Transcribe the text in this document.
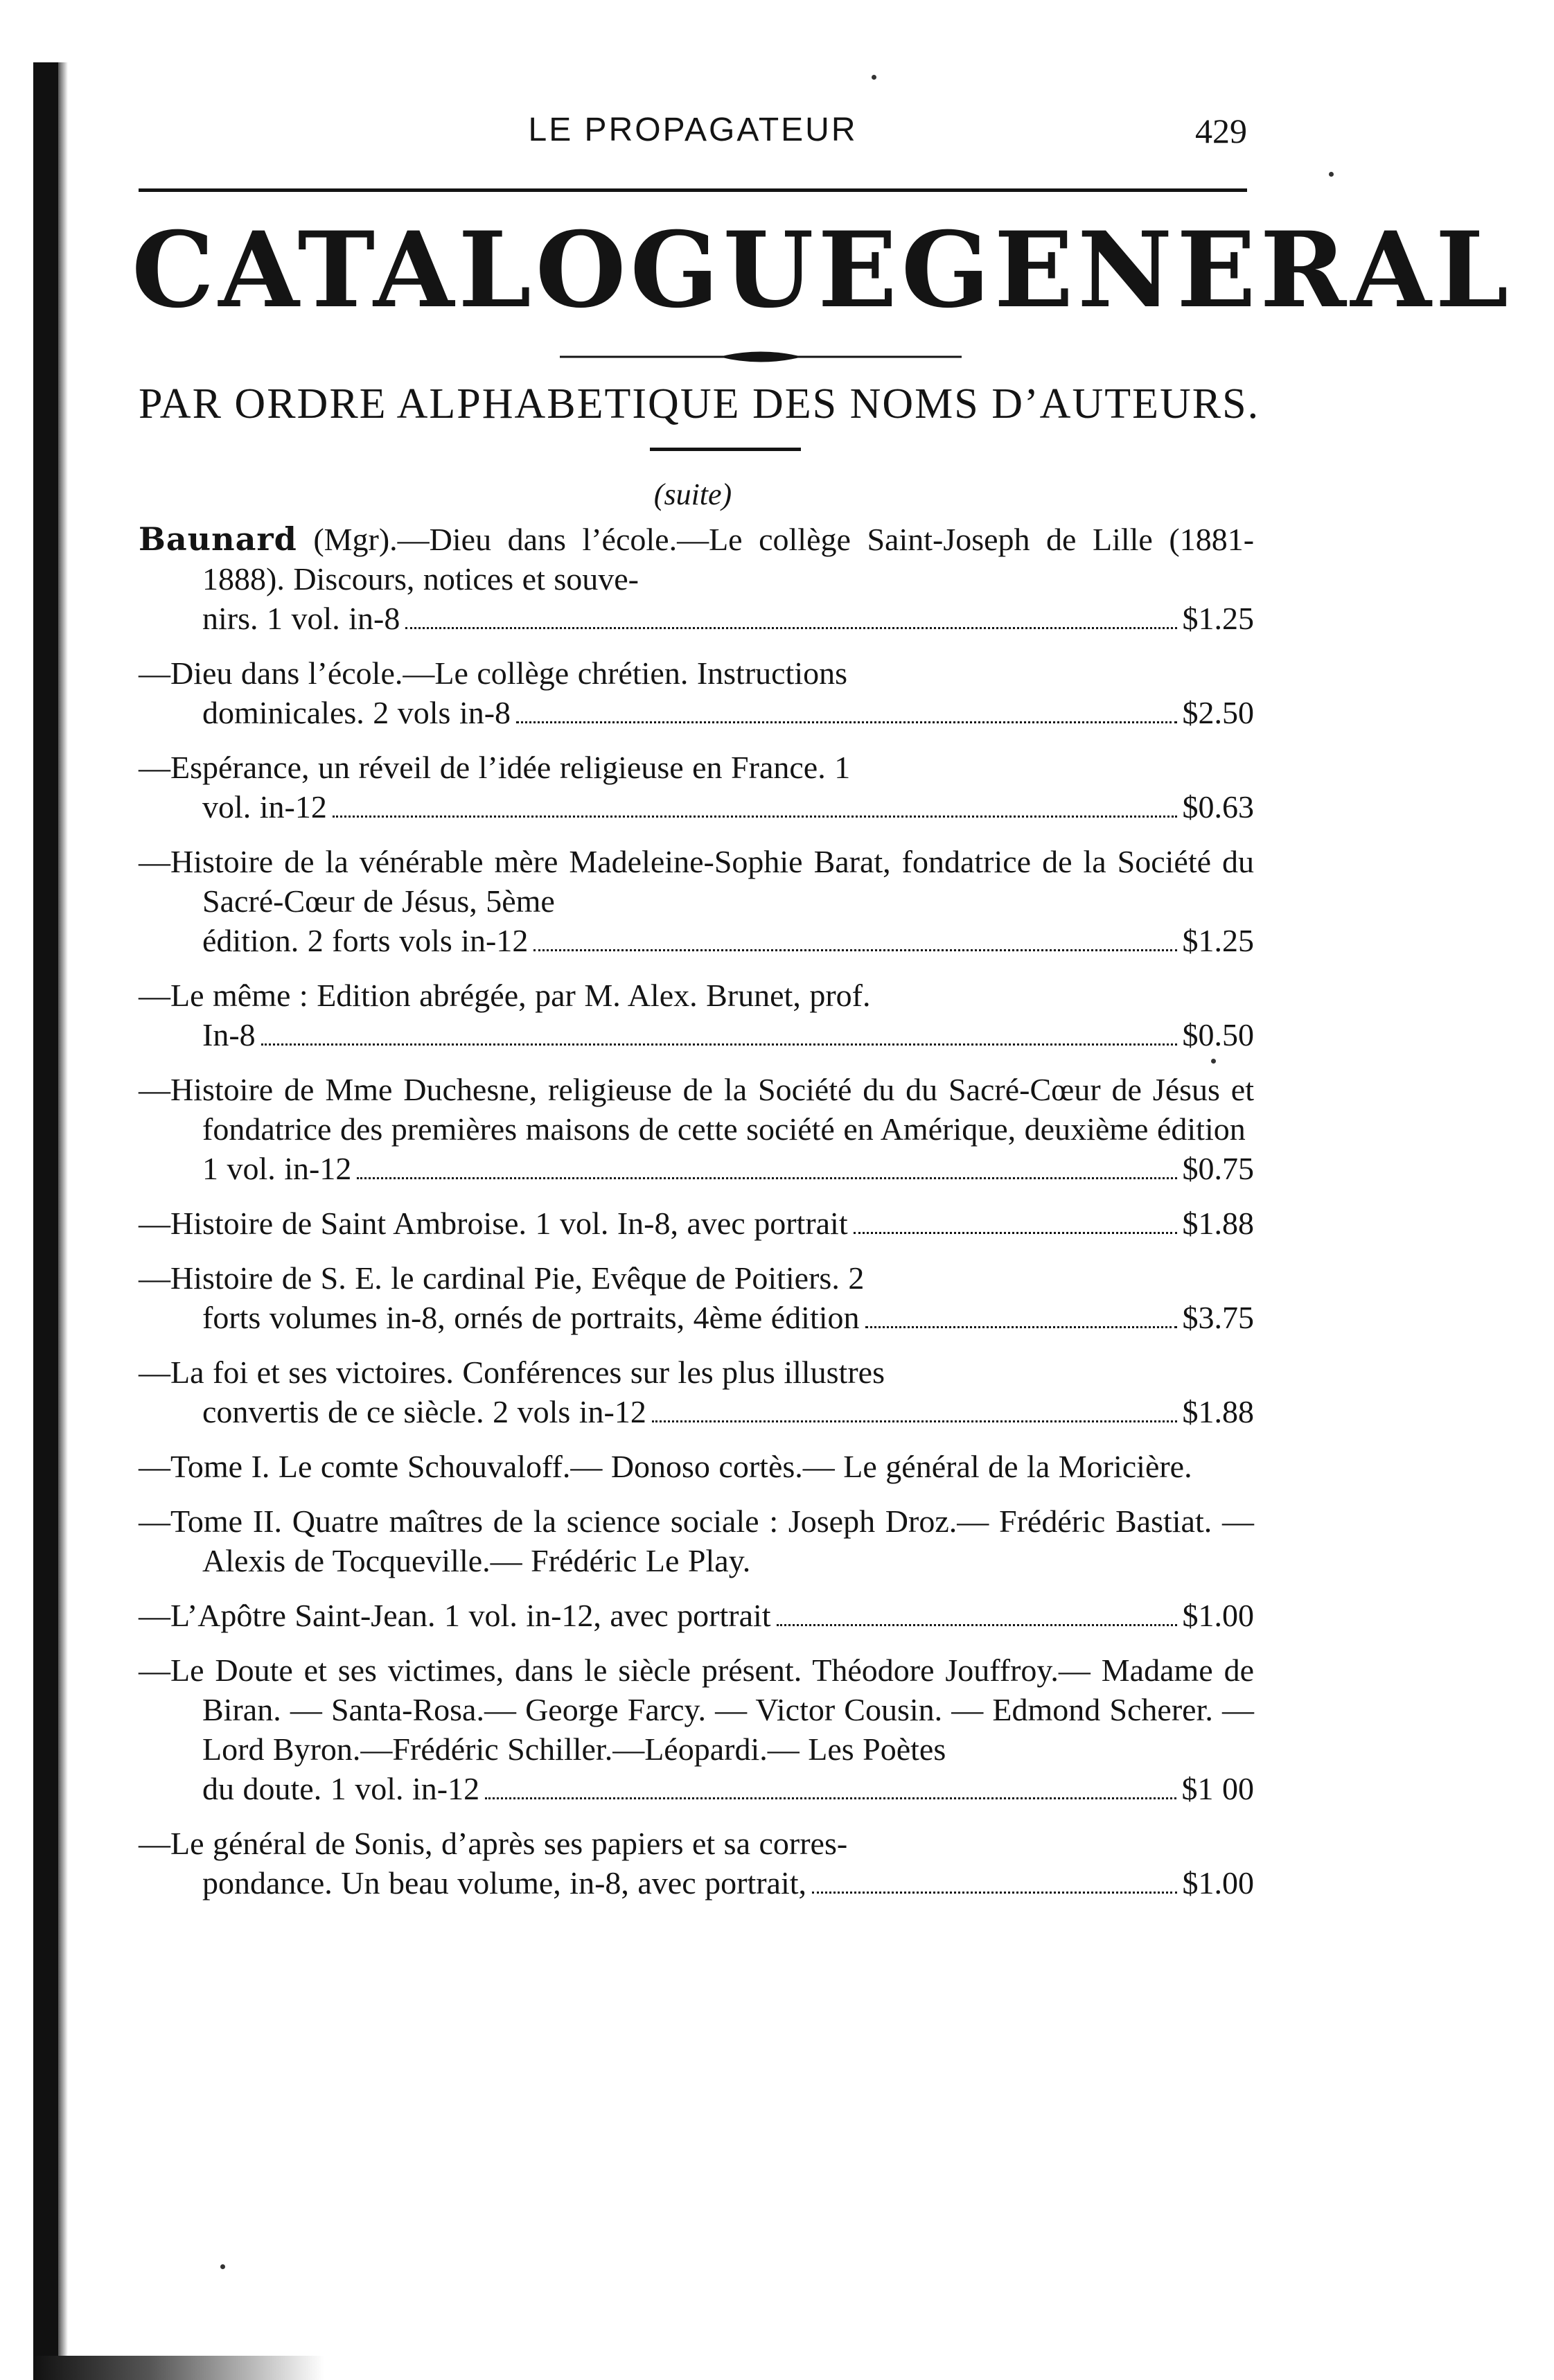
LE PROPAGATEUR	429
CATALOGUE GENERAL
PAR ORDRE ALPHABETIQUE DES NOMS D’AUTEURS.
(suite)
Baunard (Mgr).—Dieu dans l’école.—Le collège Saint-Joseph de Lille (1881-1888). Discours, notices et souve-
nirs. 1 vol. in-8	$1.25
—Dieu dans l’école.—Le collège chrétien. Instructions
dominicales. 2 vols in-8	$2.50
—Espérance, un réveil de l’idée religieuse en France. 1
vol. in-12	$0.63
—Histoire de la vénérable mère Madeleine-Sophie Barat, fondatrice de la Société du Sacré-Cœur de Jésus, 5ème
édition. 2 forts vols in-12	$1.25
—Le même : Edition abrégée, par M. Alex. Brunet, prof.
In-8	$0.50
—Histoire de Mme Duchesne, religieuse de la Société du du Sacré-Cœur de Jésus et fondatrice des premières maisons de cette société en Amérique, deuxième édition
1 vol. in-12	$0.75
—Histoire de Saint Ambroise. 1 vol. In-8, avec portrait	$1.88
—Histoire de S. E. le cardinal Pie, Evêque de Poitiers. 2
forts volumes in-8, ornés de portraits, 4ème édition	$3.75
—La foi et ses victoires. Conférences sur les plus illustres
convertis de ce siècle. 2 vols in-12	$1.88
—Tome I. Le comte Schouvaloff.— Donoso cortès.— Le général de la Moricière.
—Tome II. Quatre maîtres de la science sociale : Joseph Droz.— Frédéric Bastiat. — Alexis de Tocqueville.— Frédéric Le Play.
—L’Apôtre Saint-Jean. 1 vol. in-12, avec portrait	$1.00
—Le Doute et ses victimes, dans le siècle présent. Théodore Jouffroy.— Madame de Biran. — Santa-Rosa.— George Farcy. — Victor Cousin. — Edmond Scherer. — Lord Byron.—Frédéric Schiller.—Léopardi.— Les Poètes
du doute. 1 vol. in-12	$1 00
—Le général de Sonis, d’après ses papiers et sa corres-
pondance. Un beau volume, in-8, avec portrait,	$1.00
